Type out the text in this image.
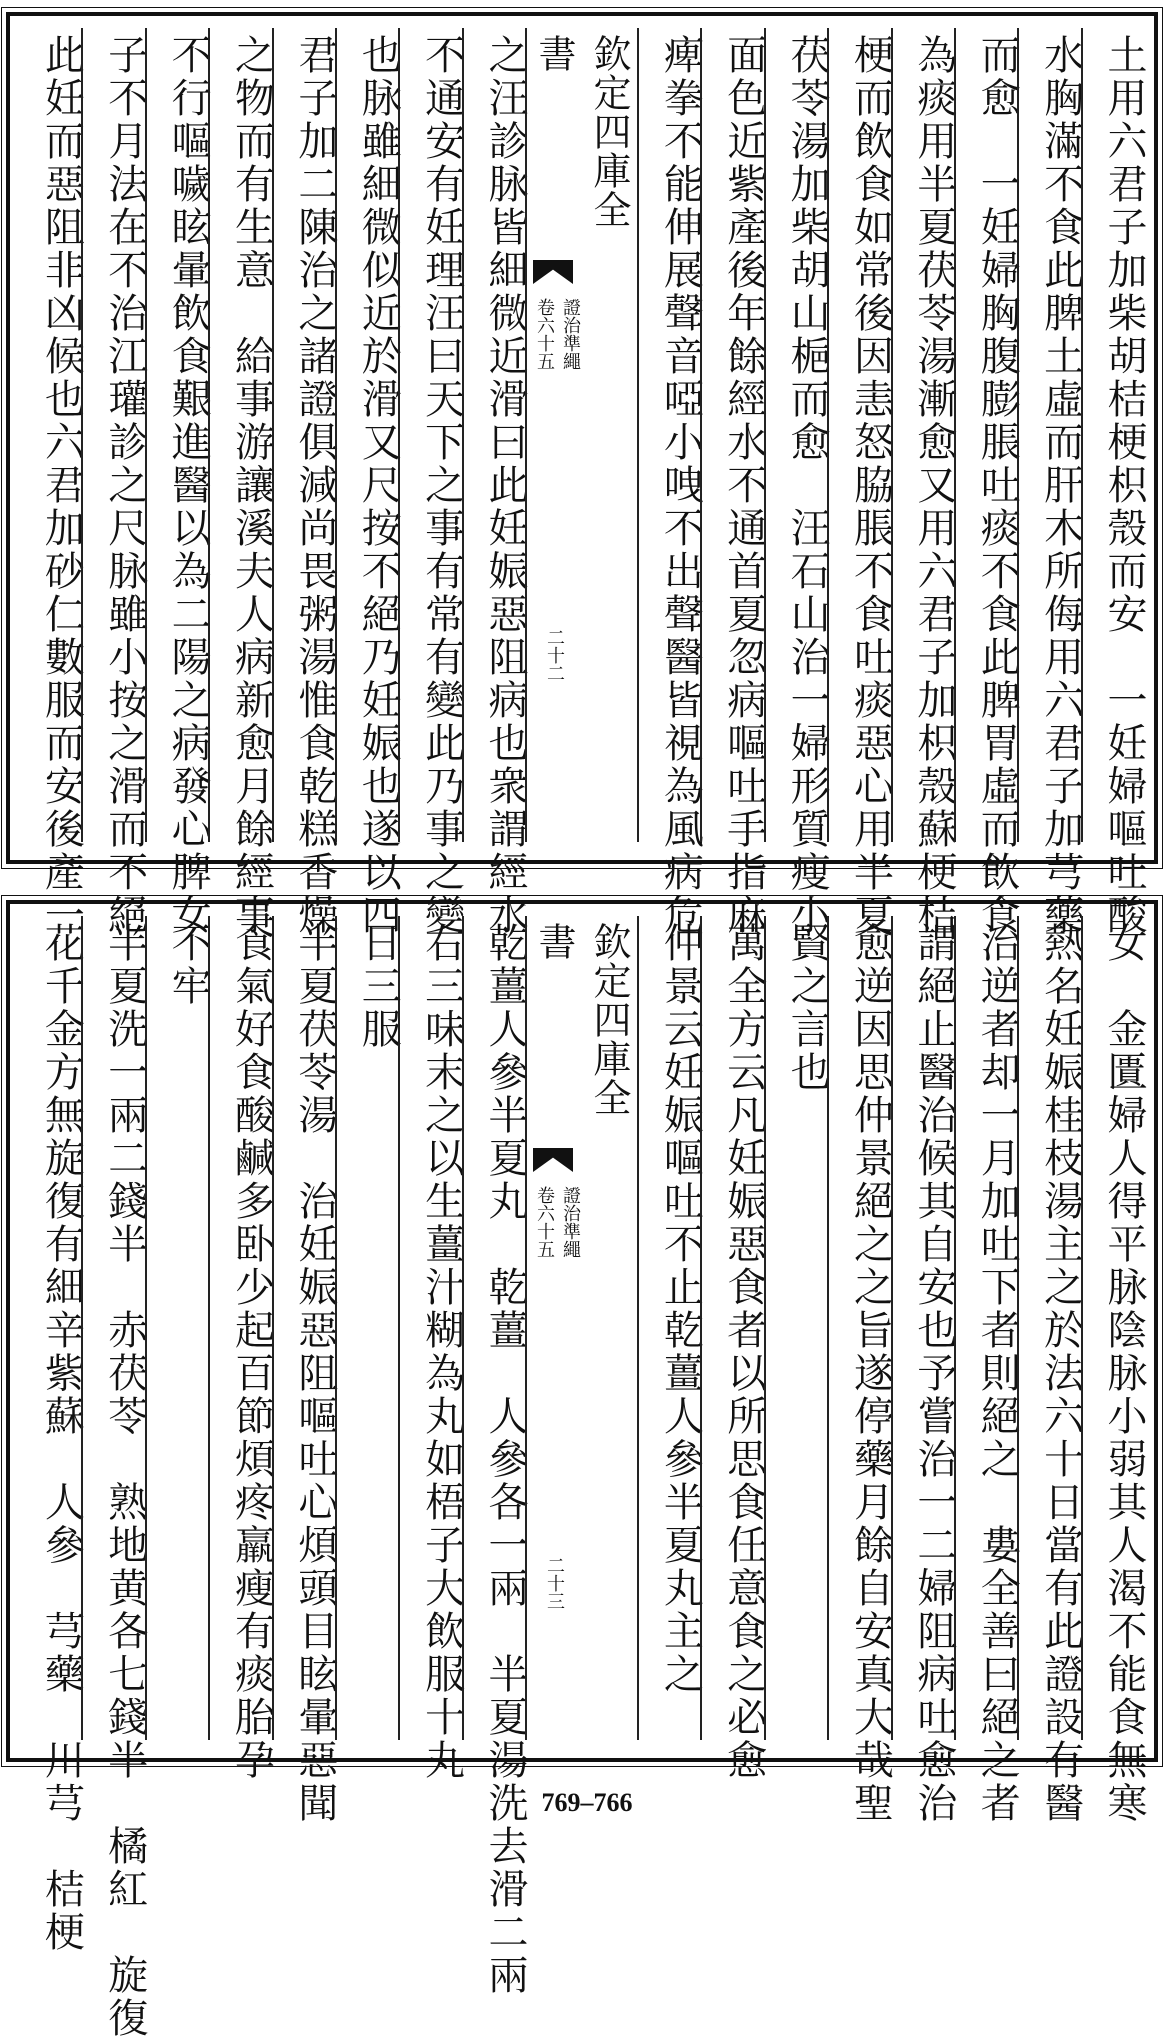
土用六君子加柴胡桔梗枳殼而安　一妊婦嘔吐酸
水胸滿不食此脾土虛而肝木所侮用六君子加芎藥
而愈　一妊婦胸腹膨脹吐痰不食此脾胃虛而飲食
為痰用半夏茯苓湯漸愈又用六君子加枳殼蘇梗桔
梗而飲食如常後因恚怒脇脹不食吐痰惡心用半夏
茯苓湯加柴胡山梔而愈　汪石山治一婦形質瘦小
面色近紫產後年餘經水不通首夏忽病嘔吐手指麻
痺拳不能伸展聲音啞小㖂不出聲醫皆視為風病危
欽定四庫全書
證治準繩
卷六十五
二十二
之汪診脉皆細微近滑曰此妊娠惡阻病也衆謂經水
不通安有妊理汪曰天下之事有常有變此乃事之變
也脉雖細微似近於滑又尺按不絕乃妊娠也遂以四
君子加二陳治之諸證俱減尚畏粥湯惟食乾糕香燥
之物而有生意　給事游讓溪夫人病新愈月餘經事
不行嘔噦眩暈飲食艱進醫以為二陽之病發心脾女
子不月法在不治江瓘診之尺脉雖小按之滑而不絕
此妊而惡阻非凶候也六君加砂仁數服而安後產一
女　金匱婦人得平脉陰脉小弱其人渴不能食無寒
熱名妊娠桂枝湯主之於法六十日當有此證設有醫
治逆者却一月加吐下者則絕之　婁全善曰絕之者
謂絕止醫治候其自安也予嘗治一二婦阻病吐愈治
愈逆因思仲景絕之之旨遂停藥月餘自安真大哉聖
賢之言也
萬全方云凡妊娠惡食者以所思食任意食之必愈
仲景云妊娠嘔吐不止乾薑人參半夏丸主之
欽定四庫全書
證治準繩
卷六十五
二十三
乾薑人參半夏丸　乾薑　人參各一兩　半夏湯洗去滑二兩
右三味末之以生薑汁糊為丸如梧子大飲服十丸
日三服
半夏茯苓湯　治妊娠惡阻嘔吐心煩頭目眩暈惡聞
食氣好食酸鹹多卧少起百節煩疼羸瘦有痰胎孕
不牢
半夏洗一兩二錢半　赤茯苓　熟地黄各七錢半　橘紅　旋復
花千金方無旋復有細辛紫蘇　人參　芎藥　川芎　桔梗	769–766
